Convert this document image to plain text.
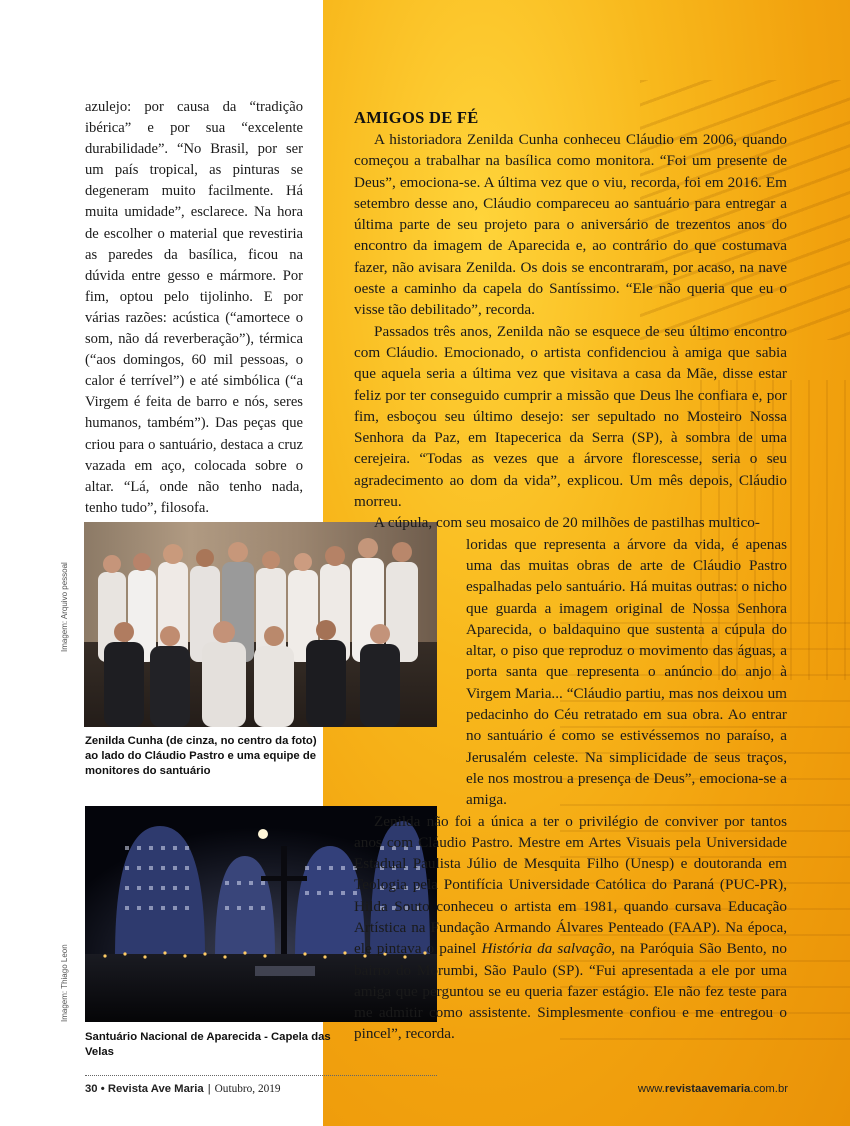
azulejo: por causa da “tradição ibérica” e por sua “excelente durabilidade”. “No Brasil, por ser um país tropical, as pinturas se degeneram muito facilmente. Há muita umidade”, esclarece. Na hora de escolher o material que revestiria as paredes da basílica, ficou na dúvida entre gesso e mármore. Por fim, optou pelo tijolinho. E por várias razões: acústica (“amortece o som, não dá reverberação”), térmica (“aos domingos, 60 mil pessoas, o calor é terrível”) e até simbólica (“a Virgem é feita de barro e nós, seres humanos, também”). Das peças que criou para o santuário, destaca a cruz vazada em aço, colocada sobre o altar. “Lá, onde não tenho nada, tenho tudo”, filosofa.

Imagem: Arquivo pessoal
Zenilda Cunha (de cinza, no centro da foto) ao lado do Cláudio Pastro e uma equipe de monitores do santuário
Imagem: Thiago Leon
Santuário Nacional de Aparecida - Capela das Velas
AMIGOS DE FÉ

A historiadora Zenilda Cunha conheceu Cláudio em 2006, quando começou a trabalhar na basílica como monitora. “Foi um presente de Deus”, emociona-se. A última vez que o viu, recorda, foi em 2016. Em setembro desse ano, Cláudio compareceu ao santuário para entregar a última parte de seu projeto para o aniversário de trezentos anos do encontro da imagem de Aparecida e, ao contrário do que costumava fazer, não avisara Zenilda. Os dois se encontraram, por acaso, na nave oeste a caminho da capela do Santíssimo. “Ele não queria que eu o visse tão debilitado”, recorda.

Passados três anos, Zenilda não se esquece de seu último encontro com Cláudio. Emocionado, o artista confidenciou à amiga que sabia que aquela seria a última vez que visitava a casa da Mãe, disse estar feliz por ter conseguido cumprir a missão que Deus lhe confiara e, por fim, esboçou seu último desejo: ser sepultado no Mosteiro Nossa Senhora da Paz, em Itapecerica da Serra (SP), à sombra de uma cerejeira. “Todas as vezes que a árvore florescesse, seria o seu agradecimento ao dom da vida”, explicou. Um mês depois, Cláudio morreu.

A cúpula, com seu mosaico de 20 milhões de pastilhas multico-

loridas que representa a árvore da vida, é apenas uma das muitas obras de arte de Cláudio Pastro espalhadas pelo santuário. Há muitas outras: o nicho que guarda a imagem original de Nossa Senhora Aparecida, o baldaquino que sustenta a cúpula do altar, o piso que reproduz o movimento das águas, a porta santa que representa o anúncio do anjo à Virgem Maria... “Cláudio partiu, mas nos deixou um pedacinho do Céu retratado em sua obra. Ao entrar no santuário é como se estivéssemos no paraíso, a Jerusalém celeste. Na simplicidade de seus traços, ele nos mostrou a presença de Deus”, emociona-se a amiga.

Zenilda não foi a única a ter o privilégio de conviver por tantos anos com Cláudio Pastro. Mestre em Artes Visuais pela Universidade Estadual Paulista Júlio de Mesquita Filho (Unesp) e doutoranda em Teologia pela Pontifícia Universidade Católica do Paraná (PUC-PR), Hilda Souto conheceu o artista em 1981, quando cursava Educação Artística na Fundação Armando Álvares Penteado (FAAP). Na época, ele pintava o painel História da salvação, na Paróquia São Bento, no bairro do Morumbi, São Paulo (SP). “Fui apresentada a ele por uma amiga que perguntou se eu queria fazer estágio. Ele não fez teste para me admitir como assistente. Simplesmente confiou e me entregou o pincel”, recorda.

30 • Revista Ave Maria | Outubro, 2019	www.revistaavemaria.com.br
